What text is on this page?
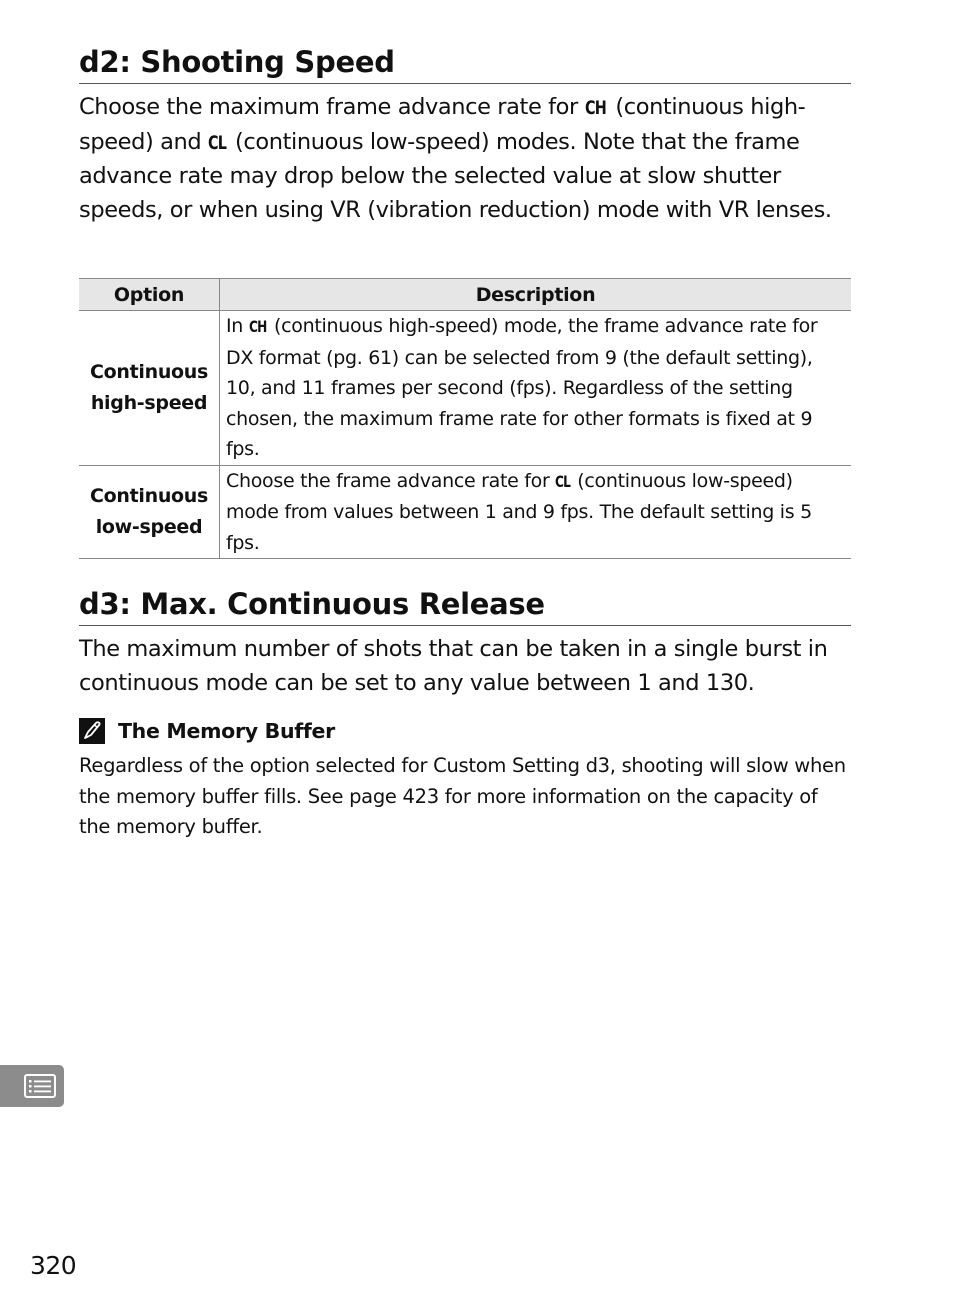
d2: Shooting Speed

Choose the maximum frame advance rate for CH (continuous high-speed) and CL (continuous low-speed) modes. Note that the frame advance rate may drop below the selected value at slow shutter speeds, or when using VR (vibration reduction) mode with VR lenses.

Option	Description
Continuous high-speed	In CH (continuous high-speed) mode, the frame advance rate for DX format (pg. 61) can be selected from 9 (the default setting), 10, and 11 frames per second (fps). Regardless of the setting chosen, the maximum frame rate for other formats is fixed at 9 fps.
Continuous low-speed	Choose the frame advance rate for CL (continuous low-speed) mode from values between 1 and 9 fps. The default setting is 5 fps.
d3: Max. Continuous Release

The maximum number of shots that can be taken in a single burst in continuous mode can be set to any value between 1 and 130.

The Memory Buffer

Regardless of the option selected for Custom Setting d3, shooting will slow when the memory buffer fills. See page 423 for more information on the capacity of the memory buffer.

320
